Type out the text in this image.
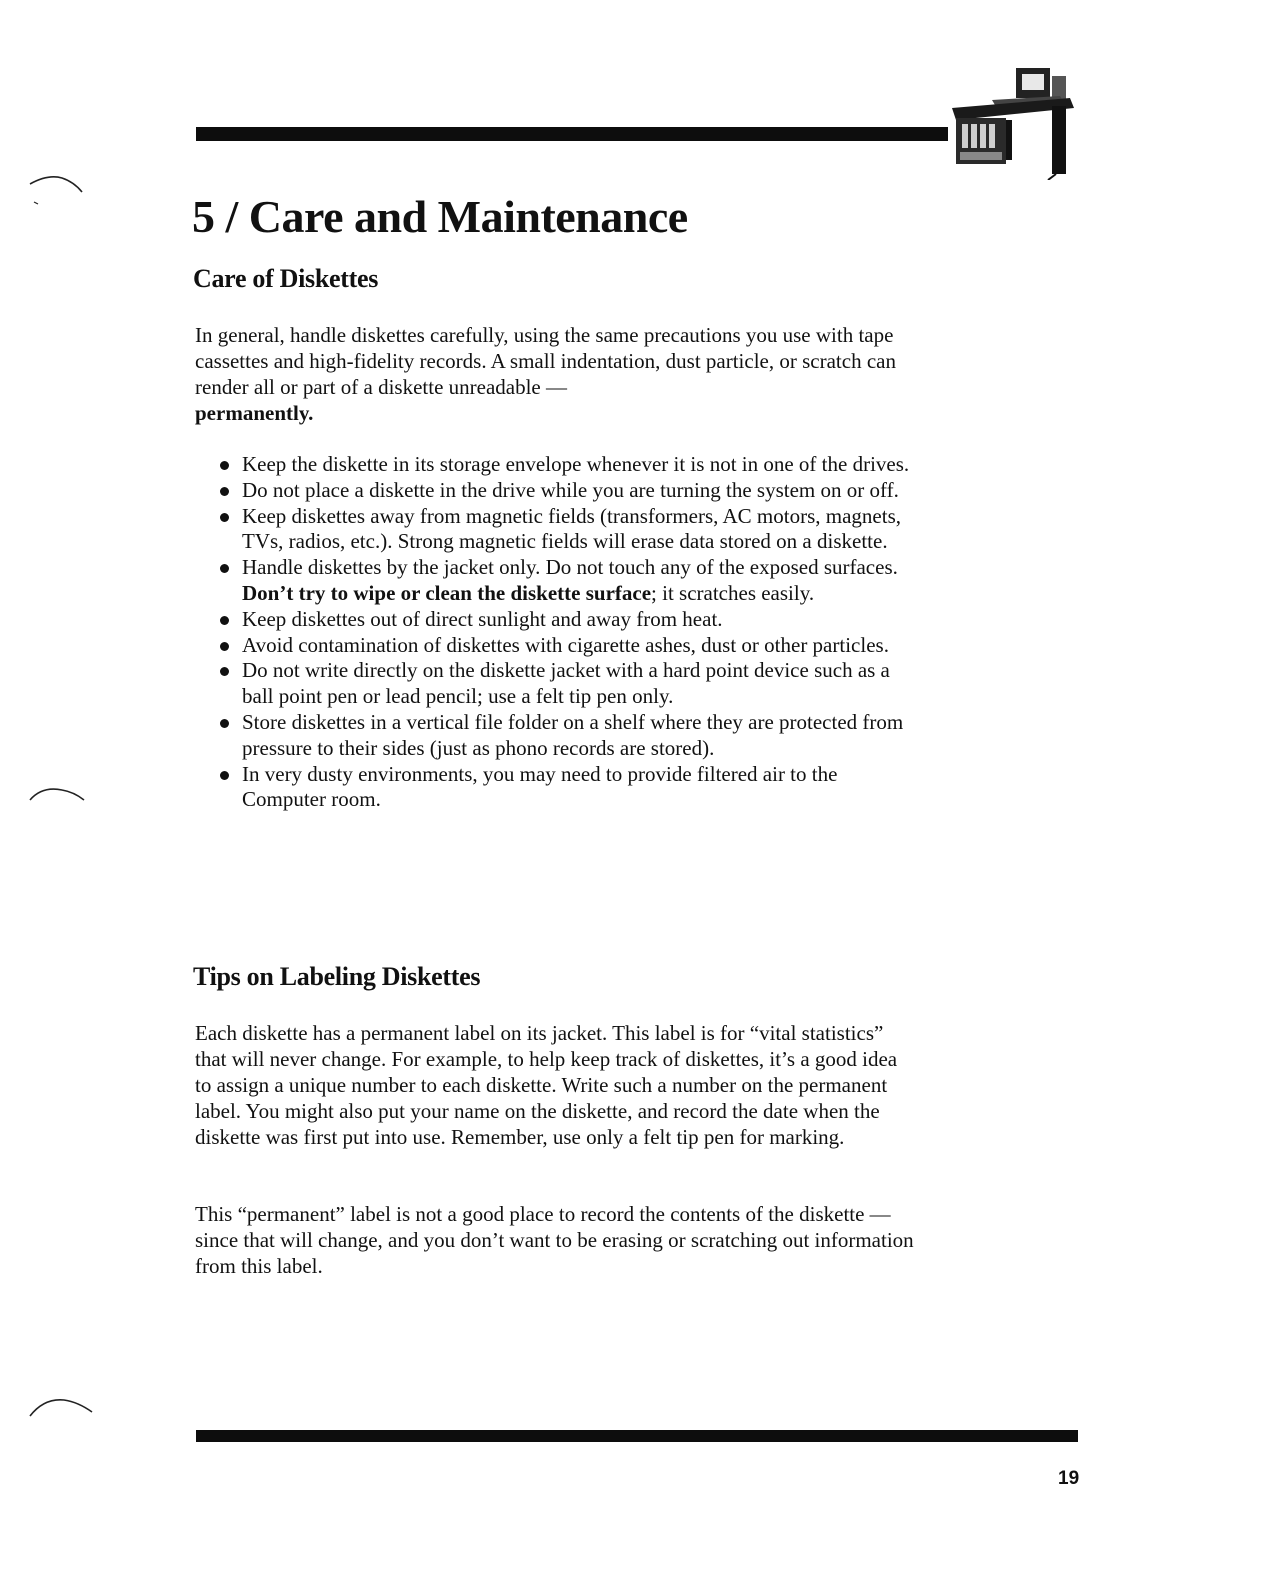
5 / Care and Maintenance
Care of Diskettes

In general, handle diskettes carefully, using the same precautions you use with tape cassettes and high-fidelity records. A small indentation, dust particle, or scratch can render all or part of a diskette unreadable —
permanently.

Keep the diskette in its storage envelope whenever it is not in one of the drives.
Do not place a diskette in the drive while you are turning the system on or off.
Keep diskettes away from magnetic fields (transformers, AC motors, magnets, TVs, radios, etc.). Strong magnetic fields will erase data stored on a diskette.
Handle diskettes by the jacket only. Do not touch any of the exposed surfaces. Don’t try to wipe or clean the diskette surface; it scratches easily.
Keep diskettes out of direct sunlight and away from heat.
Avoid contamination of diskettes with cigarette ashes, dust or other particles.
Do not write directly on the diskette jacket with a hard point device such as a ball point pen or lead pencil; use a felt tip pen only.
Store diskettes in a vertical file folder on a shelf where they are protected from pressure to their sides (just as phono records are stored).
In very dusty environments, you may need to provide filtered air to the Computer room.
Tips on Labeling Diskettes

Each diskette has a permanent label on its jacket. This label is for “vital statistics” that will never change. For example, to help keep track of diskettes, it’s a good idea to assign a unique number to each diskette. Write such a number on the permanent label. You might also put your name on the diskette, and record the date when the diskette was first put into use. Remember, use only a felt tip pen for marking.

This “permanent” label is not a good place to record the contents of the diskette — since that will change, and you don’t want to be erasing or scratching out information from this label.

19
